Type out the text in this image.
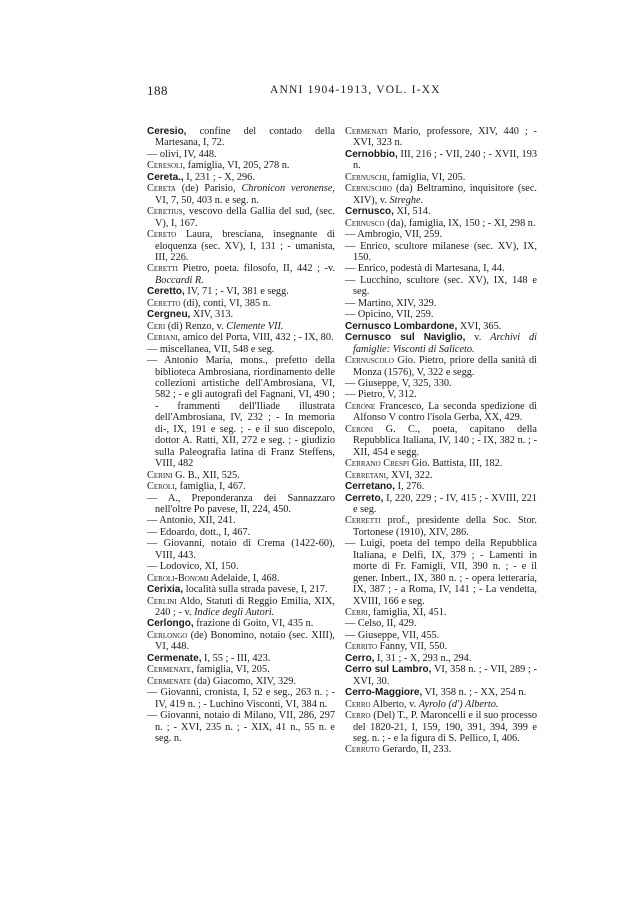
188	ANNI 1904-1913, VOL. I-XX

Ceresio, confine del contado della Martesana, I, 72.

— olivi, IV, 448.

Ceresoli, famiglia, VI, 205, 278 n.

Cereta., I, 231 ; - X, 296.

Cereta (de) Parisio, Chronicon veronense, VI, 7, 50, 403 n. e seg. n.

Ceretius, vescovo della Gallia del sud, (sec. V), I, 167.

Cereto Laura, bresciana, insegnante di eloquenza (sec. XV), I, 131 ; - umanista, III, 226.

Ceretti Pietro, poeta. filosofo, II, 442 ; -v. Boccardi R.

Ceretto, IV, 71 ; - VI, 381 e segg.

Ceretto (di), conti, VI, 385 n.

Cergneu, XIV, 313.

Ceri (di) Renzo, v. Clemente VII.

Ceriani, amico del Porta, VIII, 432 ; - IX, 80.

— miscellanea, VII, 548 e seg.

— Antonio Maria, mons., prefetto della biblioteca Ambrosiana, riordinamento delle collezioni artistiche dell'Ambrosiana, VI, 582 ; - e gli autografi del Fagnani, VI, 490 ; - frammenti dell'Iliade illustrata dell'Ambrosiana, IV, 232 ; - In memoria di-, IX, 191 e seg. ; - e il suo discepolo, dottor A. Ratti, XII, 272 e seg. ; - giudizio sulla Paleografia latina di Franz Steffens, VIII, 482

Cerini G. B., XII, 525.

Ceroli, famiglia, I, 467.

— A., Preponderanza dei Sannazzaro nell'oltre Po pavese, II, 224, 450.

— Antonio, XII, 241.

— Edoardo, dott., I, 467.

— Giovanni, notaio di Crema (1422-60), VIII, 443.

— Lodovico, XI, 150.

Ceroli-Bonomi Adelaide, I, 468.

Cerixia, località sulla strada pavese, I, 217.

Cerlini Aldo, Statuti di Reggio Emilia, XIX, 240 ; - v. Indice degli Autori.

Cerlongo, frazione di Goito, VI, 435 n.

Cerlongo (de) Bonomino, notaio (sec. XIII), VI, 448.

Cermenate, I, 55 ; - III, 423.

Cermenate, famiglia, VI, 205.

Cermenate (da) Giacomo, XIV, 329.

— Giovanni, cronista, I, 52 e seg., 263 n. ; - IV, 419 n. ; - Luchino Visconti, VI, 384 n.

— Giovanni, notaio di Milano, VII, 286, 297 n. ; - XVI, 235 n. ; - XIX, 41 n., 55 n. e seg. n.

Cermenati Mario, professore, XIV, 440 ; - XVI, 323 n.

Cernobbio, III, 216 ; - VII, 240 ; - XVII, 193 n.

Cernuschi, famiglia, VI, 205.

Cernuschio (da) Beltramino, inquisitore (sec. XIV), v. Streghe.

Cernusco, XI, 514.

Cernusco (da), famiglia, IX, 150 ; - XI, 298 n.

— Ambrogio, VII, 259.

— Enrico, scultore milanese (sec. XV), IX, 150.

— Enrico, podestà di Martesana, I, 44.

— Lucchino, scultore (sec. XV), IX, 148 e seg.

— Martino, XIV, 329.

— Opicino, VII, 259.

Cernusco Lombardone, XVI, 365.

Cernusco sul Naviglio, v. Archivi di famiglie: Visconti di Saliceto.

Cernuscolo Gio. Pietro, priore della sanità di Monza (1576), V, 322 e segg.

— Giuseppe, V, 325, 330.

— Pietro, V, 312.

Cerone Francesco, La seconda spedizione di Alfonso V contro l'isola Gerba, XX, 429.

Ceroni G. C., poeta, capitano della Repubblica Italiana, IV, 140 ; - IX, 382 n. ; - XII, 454 e segg.

Cerrano Crespi Gio. Battista, III, 182.

Cerretani, XVI, 322.

Cerretano, I, 276.

Cerreto, I, 220, 229 ; - IV, 415 ; - XVIII, 221 e seg.

Cerretti prof., presidente della Soc. Stor. Tortonese (1910), XIV, 286.

— Luigi, poeta del tempo della Repubblica Italiana, e Delfi, IX, 379 ; - Lamenti in morte di Fr. Famigli, VII, 390 n. ; - e il gener. Inbert., IX, 380 n. ; - opera letteraria, IX, 387 ; - a Roma, IV, 141 ; - La vendetta, XVIII, 166 e seg.

Cerri, famiglia, XI, 451.

— Celso, II, 429.

— Giuseppe, VII, 455.

Cerrito Fanny, VII, 550.

Cerro, I, 31 ; - X, 293 n., 294.

Cerro sul Lambro, VI, 358 n. ; - VII, 289 ; - XVI, 30.

Cerro-Maggiore, VI, 358 n. ; - XX, 254 n.

Cerro Alberto, v. Ayrolo (d') Alberto.

Cerro (Del) T., P. Maroncelli e il suo processo del 1820-21, I, 159, 190, 391, 394, 399 e seg. n. ; - e la figura di S. Pellico, I, 406.

Cerruto Gerardo, II, 233.
